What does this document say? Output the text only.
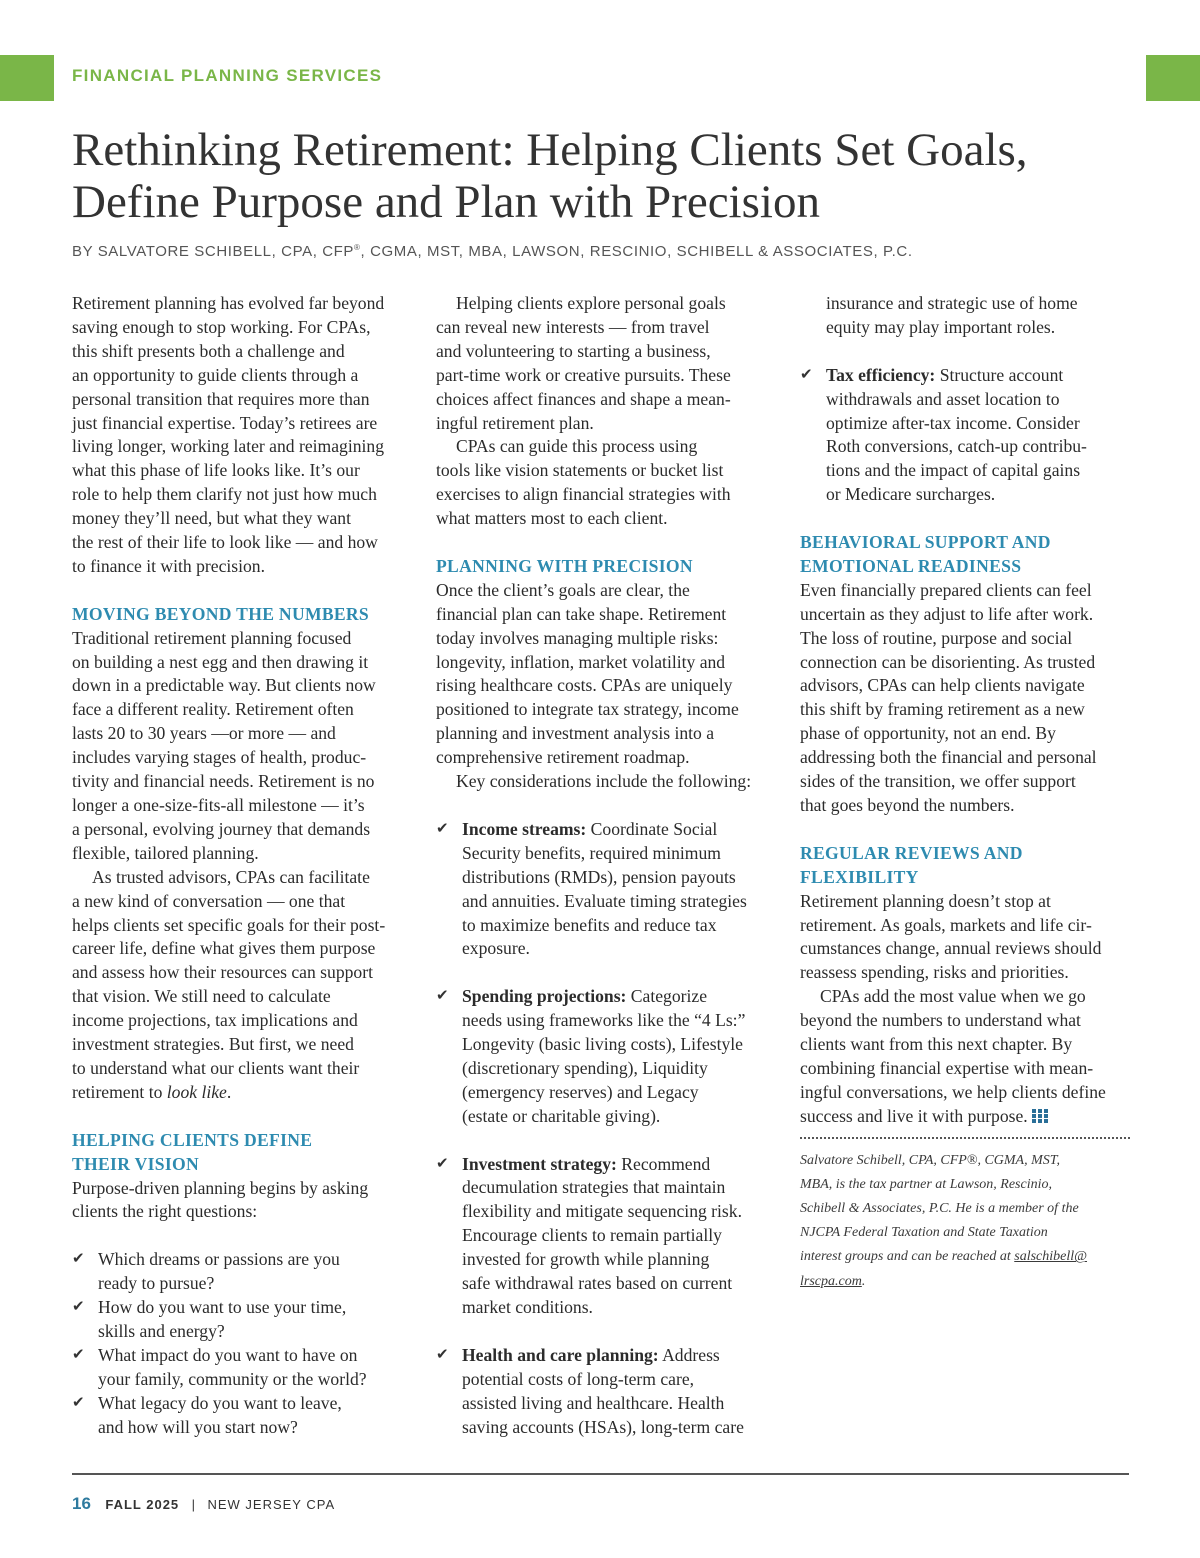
FINANCIAL PLANNING SERVICES
Rethinking Retirement: Helping Clients Set Goals,
Define Purpose and Plan with Precision
BY SALVATORE SCHIBELL, CPA, CFP®, CGMA, MST, MBA, LAWSON, RESCINIO, SCHIBELL & ASSOCIATES, P.C.

Retirement planning has evolved far beyond
saving enough to stop working. For CPAs,
this shift presents both a challenge and
an opportunity to guide clients through a
personal transition that requires more than
just financial expertise. Today’s retirees are
living longer, working later and reimagining
what this phase of life looks like. It’s our
role to help them clarify not just how much
money they’ll need, but what they want
the rest of their life to look like — and how
to finance it with precision.

MOVING BEYOND THE NUMBERS

Traditional retirement planning focused
on building a nest egg and then drawing it
down in a predictable way. But clients now
face a different reality. Retirement often
lasts 20 to 30 years —or more — and
includes varying stages of health, produc-
tivity and financial needs. Retirement is no
longer a one-size-fits-all milestone — it’s
a personal, evolving journey that demands
flexible, tailored planning.

As trusted advisors, CPAs can facilitate
a new kind of conversation — one that
helps clients set specific goals for their post-
career life, define what gives them purpose
and assess how their resources can support
that vision. We still need to calculate
income projections, tax implications and
investment strategies. But first, we need
to understand what our clients want their
retirement to look like.

HELPING CLIENTS DEFINE
THEIR VISION

Purpose-driven planning begins by asking
clients the right questions:

✔ Which dreams or passions are you
ready to pursue?
✔ How do you want to use your time,
skills and energy?
✔ What impact do you want to have on
your family, community or the world?
✔ What legacy do you want to leave,
and how will you start now?

Helping clients explore personal goals
can reveal new interests — from travel
and volunteering to starting a business,
part-time work or creative pursuits. These
choices affect finances and shape a mean-
ingful retirement plan.

CPAs can guide this process using
tools like vision statements or bucket list
exercises to align financial strategies with
what matters most to each client.

PLANNING WITH PRECISION

Once the client’s goals are clear, the
financial plan can take shape. Retirement
today involves managing multiple risks:
longevity, inflation, market volatility and
rising healthcare costs. CPAs are uniquely
positioned to integrate tax strategy, income
planning and investment analysis into a
comprehensive retirement roadmap.

Key considerations include the following:

✔ Income streams: Coordinate Social
Security benefits, required minimum
distributions (RMDs), pension payouts
and annuities. Evaluate timing strategies
to maximize benefits and reduce tax
exposure.
✔ Spending projections: Categorize
needs using frameworks like the “4 Ls:”
Longevity (basic living costs), Lifestyle
(discretionary spending), Liquidity
(emergency reserves) and Legacy
(estate or charitable giving).
✔ Investment strategy: Recommend
decumulation strategies that maintain
flexibility and mitigate sequencing risk.
Encourage clients to remain partially
invested for growth while planning
safe withdrawal rates based on current
market conditions.
✔ Health and care planning: Address
potential costs of long-term care,
assisted living and healthcare. Health
saving accounts (HSAs), long-term care

insurance and strategic use of home
equity may play important roles.

✔ Tax efficiency: Structure account
withdrawals and asset location to
optimize after-tax income. Consider
Roth conversions, catch-up contribu-
tions and the impact of capital gains
or Medicare surcharges.

BEHAVIORAL SUPPORT AND
EMOTIONAL READINESS

Even financially prepared clients can feel
uncertain as they adjust to life after work.
The loss of routine, purpose and social
connection can be disorienting. As trusted
advisors, CPAs can help clients navigate
this shift by framing retirement as a new
phase of opportunity, not an end. By
addressing both the financial and personal
sides of the transition, we offer support
that goes beyond the numbers.

REGULAR REVIEWS AND
FLEXIBILITY

Retirement planning doesn’t stop at
retirement. As goals, markets and life cir-
cumstances change, annual reviews should
reassess spending, risks and priorities.

CPAs add the most value when we go
beyond the numbers to understand what
clients want from this next chapter. By
combining financial expertise with mean-
ingful conversations, we help clients define
success and live it with purpose.

Salvatore Schibell, CPA, CFP®, CGMA, MST,
MBA, is the tax partner at Lawson, Rescinio,
Schibell & Associates, P.C. He is a member of the
NJCPA Federal Taxation and State Taxation
interest groups and can be reached at salschibell@
lrscpa.com.

16 FALL 2025 | NEW JERSEY CPA
